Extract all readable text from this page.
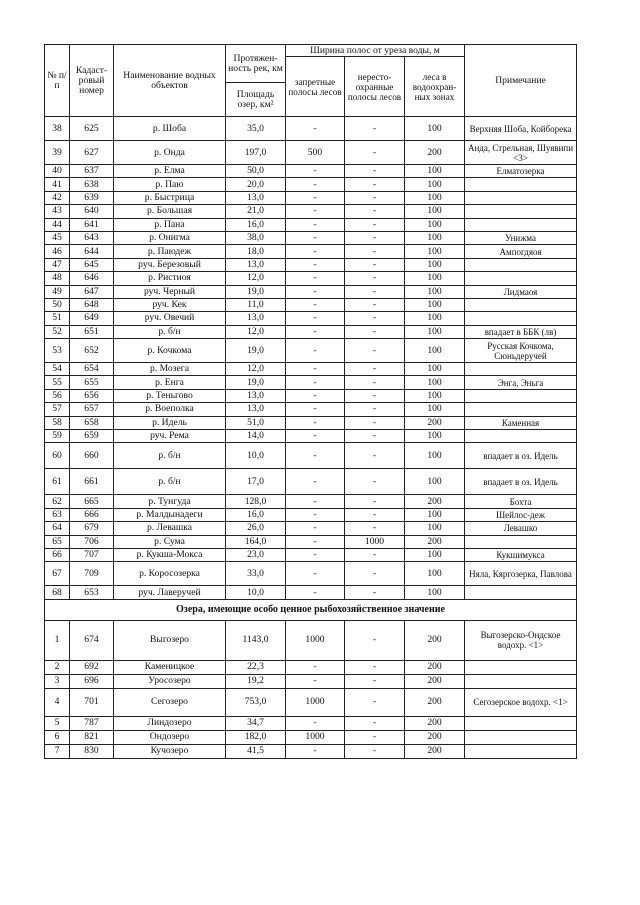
№ п/п	Кадаст-ровый номер	Наименование водных объектов	Протяжен-ность рек, км	Ширина полос от уреза воды, м			Примечание
				запретные полосы лесов	нересто-охранные полосы лесов	леса в водоохран-ных зонах	
			Площадь озер, км²				
38	625	р. Шоба	35,0	-	-	100	Верхняя Шоба, Койборека
39	627	р. Онда	197,0	500	-	200	Анда, Стрельная, Шуявипи <3>
40	637	р. Елма	50,0	-	-	100	Елматозерка
41	638	р. Паю	20,0	-	-	100	
42	639	р. Быстрица	13,0	-	-	100	
43	640	р. Большая	21,0	-	-	100	
44	641	р. Пана	16,0	-	-	100	
45	643	р. Онигма	38,0	-	-	100	Унижма
46	644	р. Паюдеж	18,0	-	-	100	Ампогдяоя
47	645	руч. Березовый	13,0	-	-	100	
48	646	р. Ристиоя	12,0	-	-	100	
49	647	руч. Черный	19,0	-	-	100	Лидмаоя
50	648	руч. Кек	11,0	-	-	100	
51	649	руч. Овечий	13,0	-	-	100	
52	651	р. б/н	12,0	-	-	100	впадает в ББК (лв)
53	652	р. Кочкома	19,0	-	-	100	Русская Кочкома, Сюньдеручей
54	654	р. Мозега	12,0	-	-	100	
55	655	р. Енга	19,0	-	-	100	Энга, Эньга
56	656	р. Теньгово	13,0	-	-	100	
57	657	р. Воеполка	13,0	-	-	100	
58	658	р. Идель	51,0	-	-	200	Каменная
59	659	руч. Рема	14,0	-	-	100	
60	660	р. б/н	10,0	-	-	100	впадает в оз. Идель
61	661	р. б/н	17,0	-	-	100	впадает в оз. Идель
62	665	р. Тунгуда	128,0	-	-	200	Бохта
63	666	р. Малдынадеги	16,0	-	-	100	Шейлос-деж
64	679	р. Левашка	26,0	-	-	100	Левашко
65	706	р. Сума	164,0	-	1000	200	
66	707	р. Кукша-Мокса	23,0	-	-	100	Кукшимукса
67	709	р. Коросозерка	33,0	-	-	100	Няла, Кяргозерка, Павлова
68	653	руч. Лаверучей	10,0	-	-	100	
Озера, имеющие особо ценное рыбохозяйственное значение							
1	674	Выгозеро	1143,0	1000	-	200	Выгозерско-Ондское водохр. <1>
2	692	Каменицкое	22,3	-	-	200	
3	696	Уросозеро	19,2	-	-	200	
4	701	Сегозеро	753,0	1000	-	200	Сегозерское водохр. <1>
5	787	Линдозеро	34,7	-	-	200	
6	821	Ондозеро	182,0	1000	-	200	
7	830	Кучозеро	41,5	-	-	200	
